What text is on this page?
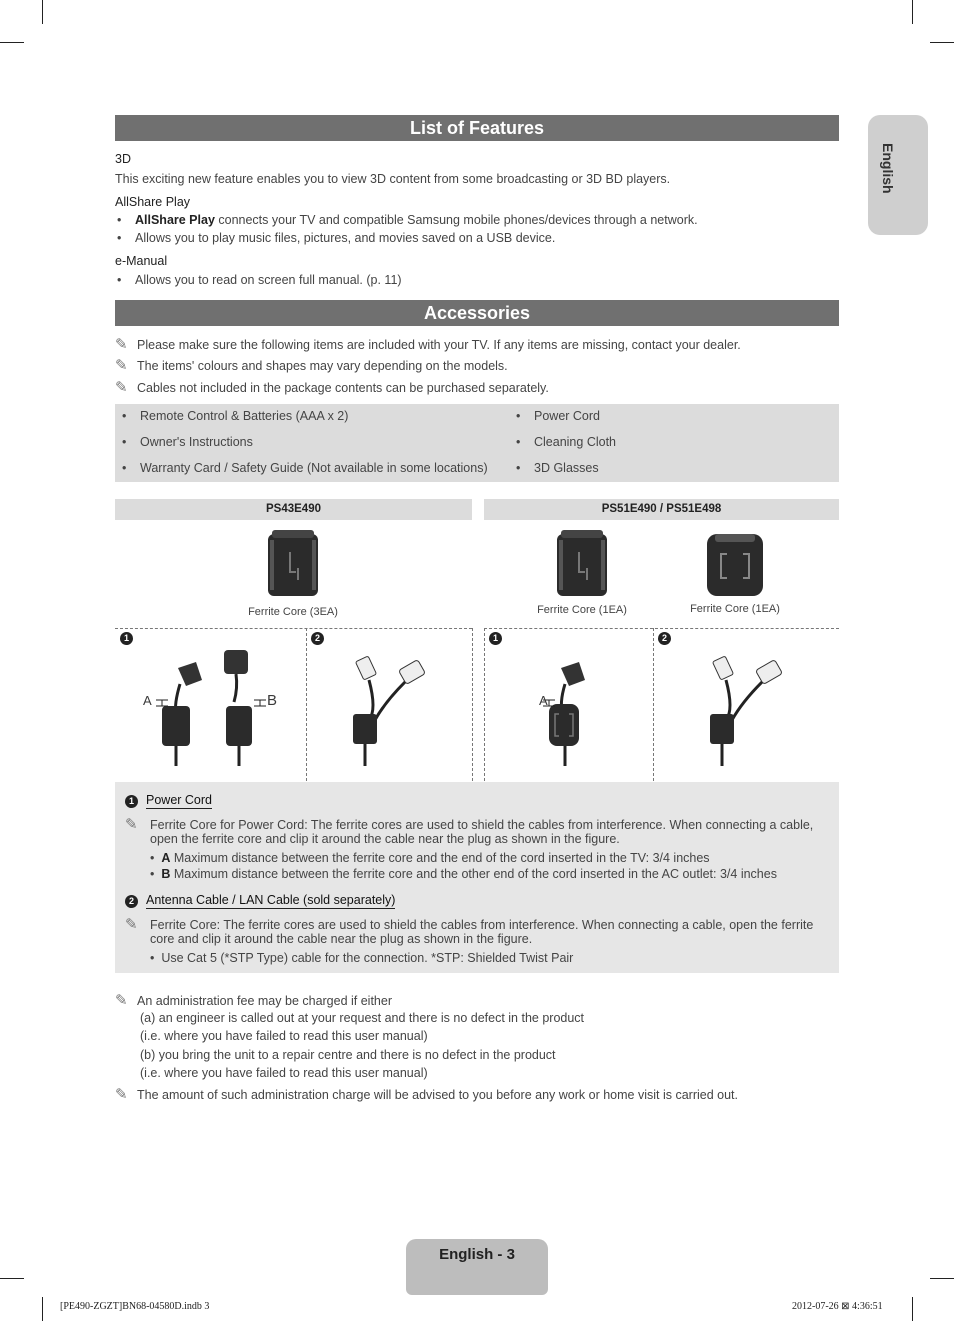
English
List of Features
3D
This exciting new feature enables you to view 3D content from some broadcasting or 3D BD players.
AllShare Play
• AllShare Play connects your TV and compatible Samsung mobile phones/devices through a network.
• Allows you to play music files, pictures, and movies saved on a USB device.
e-Manual
• Allows you to read on screen full manual. (p. 11)
Accessories
✎ Please make sure the following items are included with your TV. If any items are missing, contact your dealer.
✎ The items' colours and shapes may vary depending on the models.
✎ Cables not included in the package contents can be purchased separately.
• Remote Control & Batteries (AAA x 2)
• Owner's Instructions
• Warranty Card / Safety Guide (Not available in some locations)
• Power Cord
• Cleaning Cloth
• 3D Glasses
PS43E490	PS51E490 / PS51E498
Ferrite Core (3EA)	Ferrite Core (1EA)	Ferrite Core (1EA)
1	2	1	2
A	B	A
1 Power Cord
✎ Ferrite Core for Power Cord: The ferrite cores are used to shield the cables from interference. When connecting a cable, open the ferrite core and clip it around the cable near the plug as shown in the figure.
•  A Maximum distance between the ferrite core and the end of the cord inserted in the TV: 3/4 inches
•  B Maximum distance between the ferrite core and the other end of the cord inserted in the AC outlet: 3/4 inches
2 Antenna Cable / LAN Cable (sold separately)
✎ Ferrite Core: The ferrite cores are used to shield the cables from interference. When connecting a cable, open the ferrite core and clip it around the cable near the plug as shown in the figure.
•  Use Cat 5 (*STP Type) cable for the connection. *STP: Shielded Twist Pair
✎ An administration fee may be charged if either
(a) an engineer is called out at your request and there is no defect in the product
(i.e. where you have failed to read this user manual)
(b) you bring the unit to a repair centre and there is no defect in the product
(i.e. where you have failed to read this user manual)
✎ The amount of such administration charge will be advised to you before any work or home visit is carried out.
English - 3
[PE490-ZGZT]BN68-04580D.indb 3	2012-07-26 ⊠ 4:36:51
